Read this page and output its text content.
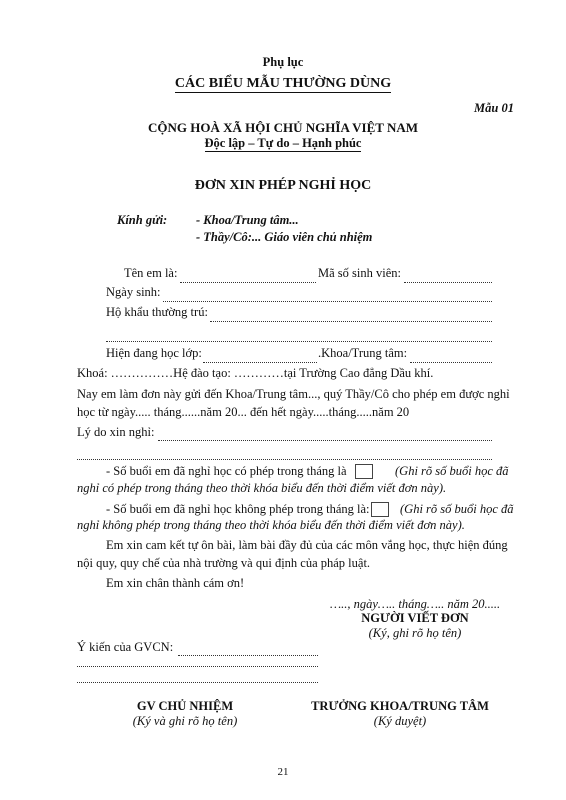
Phụ lục
CÁC BIỂU MẪU THƯỜNG DÙNG
Mẫu 01
CỘNG HOÀ XÃ HỘI CHỦ NGHĨA VIỆT NAM
Độc lập – Tự do – Hạnh phúc
ĐƠN XIN PHÉP NGHỈ HỌC
Kính gửi: - Khoa/Trung tâm...
- Thầy/Cô:... Giáo viên chủ nhiệm
Tên em là:	Mã số sinh viên:
Ngày sinh:
Hộ khẩu thường trú:
Hiện đang học lớp:	.Khoa/Trung tâm:
Khoá: ……………Hệ đào tạo: …………tại Trường Cao đẳng Dầu khí.
Nay em làm đơn này gửi đến Khoa/Trung tâm..., quý Thầy/Cô cho phép em được nghỉ
học từ ngày..... tháng......năm 20... đến hết ngày.....tháng.....năm 20
Lý do xin nghỉ:
- Số buổi em đã nghỉ học có phép trong tháng là	(Ghi rõ số buổi học đã
nghỉ có phép trong tháng theo thời khóa biểu đến thời điểm viết đơn này).
- Số buổi em đã nghỉ học không phép trong tháng là: (Ghi rõ số buổi học đã
nghỉ không phép trong tháng theo thời khóa biểu đến thời điểm viết đơn này).
Em xin cam kết tự ôn bài, làm bài đầy đủ của các môn vắng học, thực hiện đúng
nội quy, quy chế của nhà trường và qui định của pháp luật.
Em xin chân thành cám ơn!
….., ngày….. tháng….. năm 20.....
NGƯỜI VIẾT ĐƠN
(Ký, ghi rõ họ tên)
Ý kiến của GVCN:
GV CHỦ NHIỆM
(Ký và ghi rõ họ tên)
TRƯỞNG KHOA/TRUNG TÂM
(Ký duyệt)
21
